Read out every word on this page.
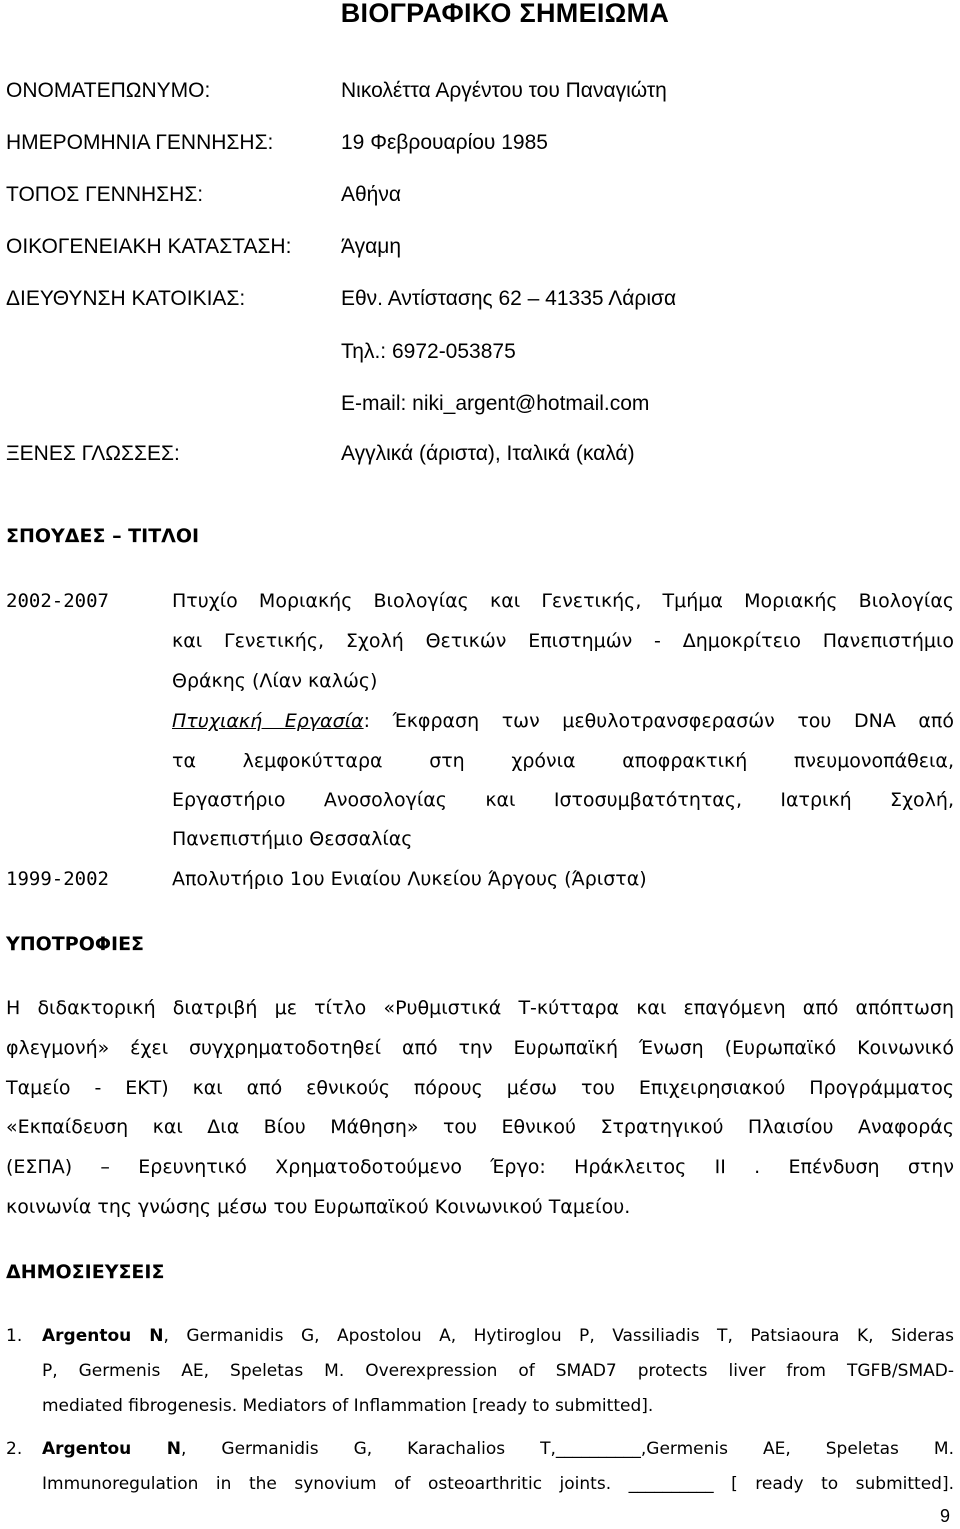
ΒΙΟΓΡΑΦΙΚΟ ΣΗΜΕΙΩΜΑ
ΟΝΟΜΑΤΕΠΩΝΥΜΟ:	Νικολέττα Αργέντου του Παναγιώτη
ΗΜΕΡΟΜΗΝΙΑ ΓΕΝΝΗΣΗΣ:	19 Φεβρουαρίου 1985
ΤΟΠΟΣ ΓΕΝΝΗΣΗΣ:	Αθήνα
ΟΙΚΟΓΕΝΕΙΑΚΗ ΚΑΤΑΣΤΑΣΗ: Άγαμη
ΔΙΕΥΘΥΝΣΗ ΚΑΤΟΙΚΙΑΣ:	Εθν. Αντίστασης 62 – 41335 Λάρισα
Τηλ.: 6972-053875
E-mail: niki_argent@hotmail.com
ΞΕΝΕΣ ΓΛΩΣΣΕΣ:	Αγγλικά (άριστα), Ιταλικά (καλά)
ΣΠΟΥΔΕΣ – ΤΙΤΛΟΙ
2002-2007	Πτυχίο Μοριακής Βιολογίας και Γενετικής, Τμήμα Μοριακής Βιολογίας
και Γενετικής, Σχολή Θετικών Επιστημών - Δημοκρίτειο Πανεπιστήμιο
Θράκης (Λίαν καλώς)
Πτυχιακή Εργασία: Έκφραση των μεθυλοτρανσφερασών του DNA από
τα λεμφοκύτταρα στη χρόνια αποφρακτική πνευμονοπάθεια,
Εργαστήριο Ανοσολογίας και Ιστοσυμβατότητας, Ιατρική Σχολή,
Πανεπιστήμιο Θεσσαλίας
1999-2002	Απολυτήριο 1ου Ενιαίου Λυκείου Άργους (Άριστα)
ΥΠΟΤΡΟΦΙΕΣ
Η διδακτορική διατριβή με τίτλο «Ρυθμιστικά Τ-κύτταρα και επαγόμενη από απόπτωση
φλεγμονή» έχει συγχρηματοδοτηθεί από την Ευρωπαϊκή Ένωση (Ευρωπαϊκό Κοινωνικό
Ταμείο - ΕΚΤ) και από εθνικούς πόρους μέσω του Επιχειρησιακού Προγράμματος
«Εκπαίδευση και Δια Βίου Μάθηση» του Εθνικού Στρατηγικού Πλαισίου Αναφοράς
(ΕΣΠΑ) – Ερευνητικό Χρηματοδοτούμενο Έργο: Ηράκλειτος ΙΙ . Επένδυση στην
κοινωνία της γνώσης μέσω του Ευρωπαϊκού Κοινωνικού Ταμείου.
ΔΗΜΟΣΙΕΥΣΕΙΣ
1. Argentou N, Germanidis G, Apostolou A, Hytiroglou P, Vassiliadis T, Patsiaoura K, Sideras
P, Germenis AE, Speletas M. Overexpression of SMAD7 protects liver from TGFB/SMAD-
mediated fibrogenesis. Mediators of Inflammation [ready to submitted].
2. Argentou N, Germanidis G, Karachalios T,__________,Germenis AE, Speletas M.
Immunoregulation in the synovium of osteoarthritic joints. __________ [ ready to submitted].
9
